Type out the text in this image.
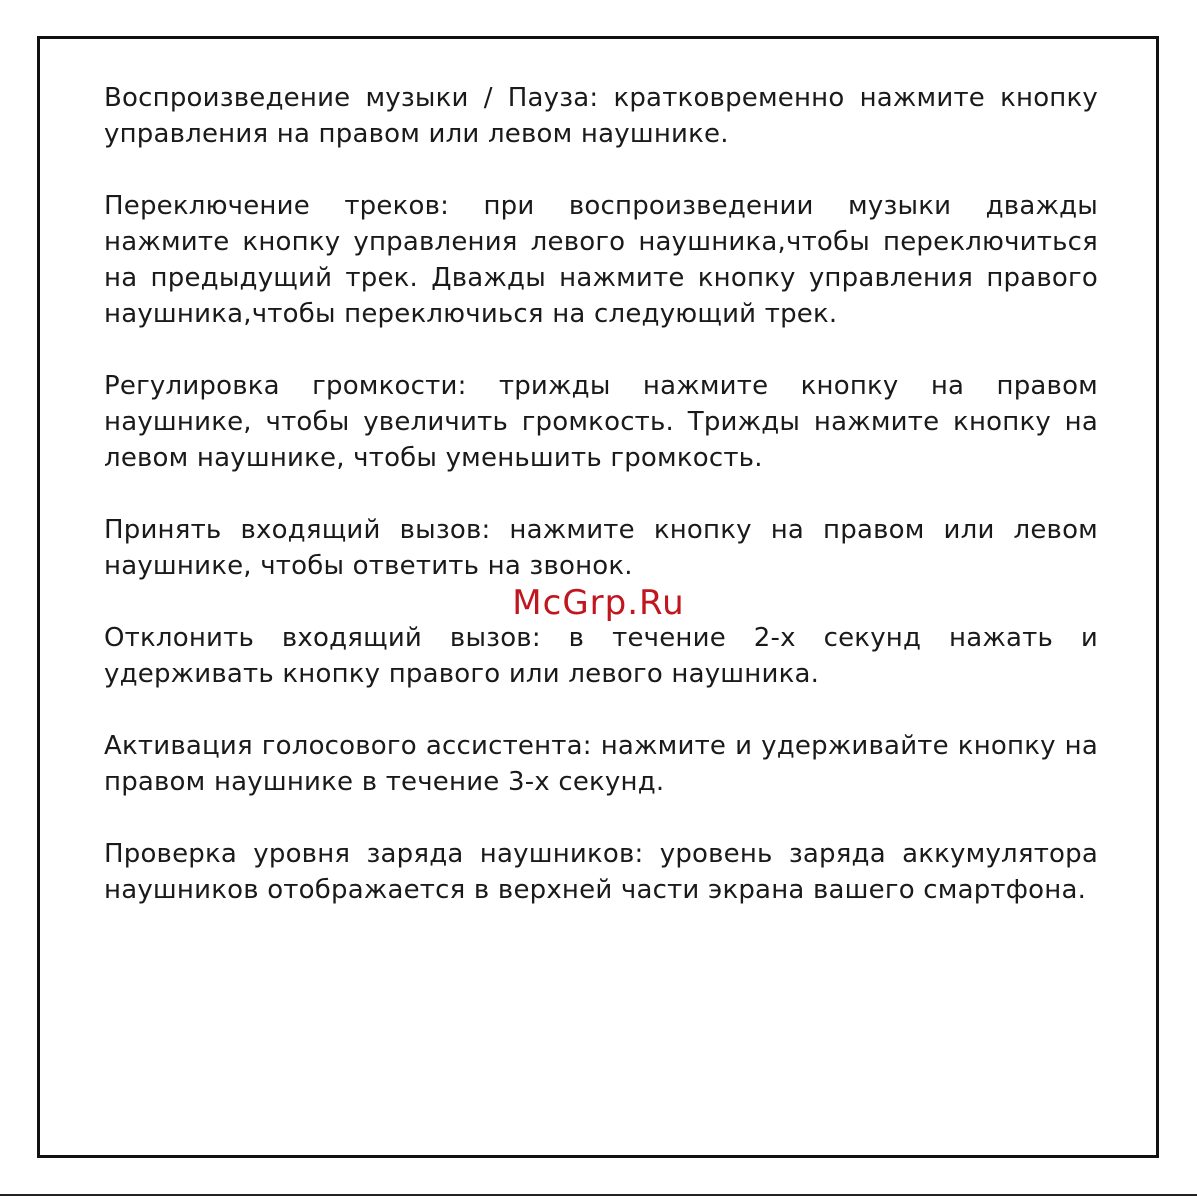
Воспроизведение музыки / Пауза: кратковременно нажмите кнопку управления на правом или левом наушнике.

Переключение треков: при воспроизведении музыки дважды нажмите кнопку управления левого наушника,чтобы переключиться на предыдущий трек. Дважды нажмите кнопку управления правого наушника,чтобы переключиься на следующий трек.

Регулировка громкости: трижды нажмите кнопку на правом наушнике, чтобы увеличить громкость. Трижды нажмите кнопку на левом наушнике, чтобы уменьшить громкость.

Принять входящий вызов: нажмите кнопку на правом или левом наушнике, чтобы ответить на звонок.

Отклонить входящий вызов: в течение 2-х секунд нажать и удерживать кнопку правого или левого наушника.

Активация голосового ассистента: нажмите и удерживайте кнопку на правом наушнике в течение 3-х секунд.

Проверка уровня заряда наушников: уровень заряда аккумулятора наушников отображается в верхней части экрана вашего смартфона.

McGrp.Ru
